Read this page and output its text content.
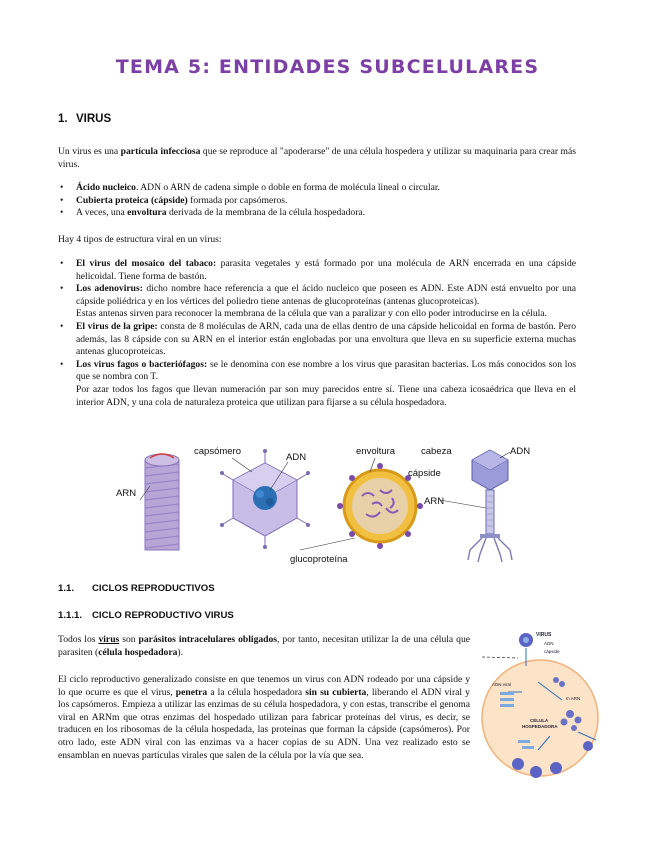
TEMA 5: ENTIDADES SUBCELULARES
1. VIRUS
Un virus es una partícula infecciosa que se reproduce al "apoderarse" de una célula hospedera y utilizar su maquinaria para crear más virus.
• Ácido nucleico. ADN o ARN de cadena simple o doble en forma de molécula lineal o circular.
• Cubierta proteica (cápside) formada por capsómeros.
• A veces, una envoltura derivada de la membrana de la célula hospedadora.
Hay 4 tipos de estructura viral en un virus:
• El virus del mosaico del tabaco: parasita vegetales y está formado por una molécula de ARN encerrada en una cápside helicoidal. Tiene forma de bastón.
• Los adenovirus: dicho nombre hace referencia a que el ácido nucleico que poseen es ADN. Este ADN está envuelto por una cápside poliédrica y en los vértices del poliedro tiene antenas de glucoproteínas (antenas glucoproteicas).
Estas antenas sirven para reconocer la membrana de la célula que van a paralizar y con ello poder introducirse en la célula.
• El virus de la gripe: consta de 8 moléculas de ARN, cada una de ellas dentro de una cápside helicoidal en forma de bastón. Pero además, las 8 cápside con su ARN en el interior están englobadas por una envoltura que lleva en su superficie externa muchas antenas glucoproteicas.
• Los virus fagos o bacteriófagos: se le denomina con ese nombre a los virus que parasitan bacterias. Los más conocidos son los que se nombra con T.
Por azar todos los fagos que llevan numeración par son muy parecidos entre sí. Tiene una cabeza icosaédrica que lleva en el interior ADN, y una cola de naturaleza proteica que utilizan para fijarse a su célula hospedadora.
capsómero
ADN
envoltura	cabeza	ADN
cápside
ARN
ARN
glucoproteína
1.1. CICLOS REPRODUCTIVOS
1.1.1. CICLO REPRODUCTIVO VIRUS
Todos los virus son parásitos intracelulares obligados, por tanto, necesitan utilizar la de una célula que parasiten (célula hospedadora).
El ciclo reproductivo generalizado consiste en que tenemos un virus con ADN rodeado por una cápside y lo que ocurre es que el virus, penetra a la célula hospedadora sin su cubierta, liberando el ADN viral y los capsómeros. Empieza a utilizar las enzimas de su célula hospedadora, y con estas, transcribe el genoma viral en ARNm que otras enzimas del hospedado utilizan para fabricar proteínas del virus, es decir, se traducen en los ribosomas de la célula hospedada, las proteínas que forman la cápside (capsómeros). Por otro lado, este ADN viral con las enzimas va a hacer copias de su ADN. Una vez realizado esto se ensamblan en nuevas partículas virales que salen de la célula por la vía que sea.
VIRUS
ADN
cápside
ADN viral
m ARN
CÉLULA
HOSPEDADORA
